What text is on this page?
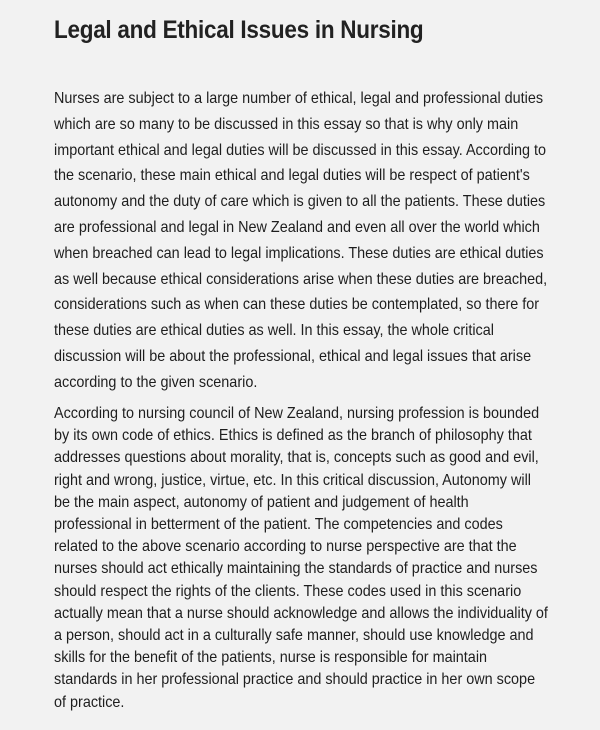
Legal and Ethical Issues in Nursing

Nurses are subject to a large number of ethical, legal and professional duties
which are so many to be discussed in this essay so that is why only main
important ethical and legal duties will be discussed in this essay. According to
the scenario, these main ethical and legal duties will be respect of patient's
autonomy and the duty of care which is given to all the patients. These duties
are professional and legal in New Zealand and even all over the world which
when breached can lead to legal implications. These duties are ethical duties
as well because ethical considerations arise when these duties are breached,
considerations such as when can these duties be contemplated, so there for
these duties are ethical duties as well. In this essay, the whole critical
discussion will be about the professional, ethical and legal issues that arise
according to the given scenario.

According to nursing council of New Zealand, nursing profession is bounded
by its own code of ethics. Ethics is defined as the branch of philosophy that
addresses questions about morality, that is, concepts such as good and evil,
right and wrong, justice, virtue, etc. In this critical discussion, Autonomy will
be the main aspect, autonomy of patient and judgement of health
professional in betterment of the patient. The competencies and codes
related to the above scenario according to nurse perspective are that the
nurses should act ethically maintaining the standards of practice and nurses
should respect the rights of the clients. These codes used in this scenario
actually mean that a nurse should acknowledge and allows the individuality of
a person, should act in a culturally safe manner, should use knowledge and
skills for the benefit of the patients, nurse is responsible for maintain
standards in her professional practice and should practice in her own scope
of practice.
